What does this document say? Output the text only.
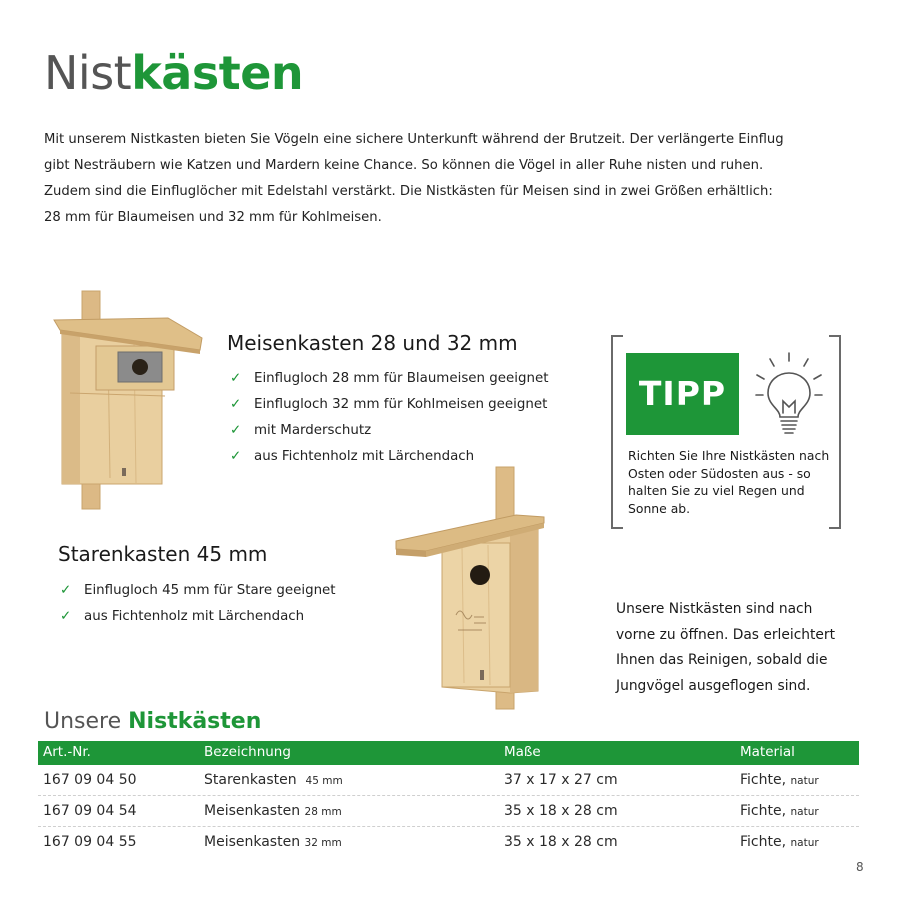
Nistkästen

Mit unserem Nistkasten bieten Sie Vögeln eine sichere Unterkunft während der Brutzeit. Der verlängerte Einflug

gibt Nesträubern wie Katzen und Mardern keine Chance. So können die Vögel in aller Ruhe nisten und ruhen.

Zudem sind die Einfluglöcher mit Edelstahl verstärkt. Die Nistkästen für Meisen sind in zwei Größen erhältlich:

28 mm für Blaumeisen und 32 mm für Kohlmeisen.

Meisenkasten 28 und 32 mm
✓ Einflugloch 28 mm für Blaumeisen geeignet
✓ Einflugloch 32 mm für Kohlmeisen geeignet
✓ mit Marderschutz
✓ aus Fichtenholz mit Lärchendach
TIPP
Richten Sie Ihre Nistkästen nach Osten oder Südosten aus - so halten Sie zu viel Regen und Sonne ab.
Starenkasten 45 mm
✓ Einflugloch 45 mm für Stare geeignet
✓ aus Fichtenholz mit Lärchendach	Unsere Nistkästen sind nach

vorne zu öffnen. Das erleichtert

Ihnen das Reinigen, sobald die

Jungvögel ausgeflogen sind.

Unsere Nistkästen
Art.-Nr.	Bezeichnung	Maße	Material
167 09 04 50	Starenkasten 45 mm	37 x 17 x 27 cm	Fichte, natur
167 09 04 54	Meisenkasten 28 mm	35 x 18 x 28 cm	Fichte, natur
167 09 04 55	Meisenkasten 32 mm	35 x 18 x 28 cm	Fichte, natur
8
